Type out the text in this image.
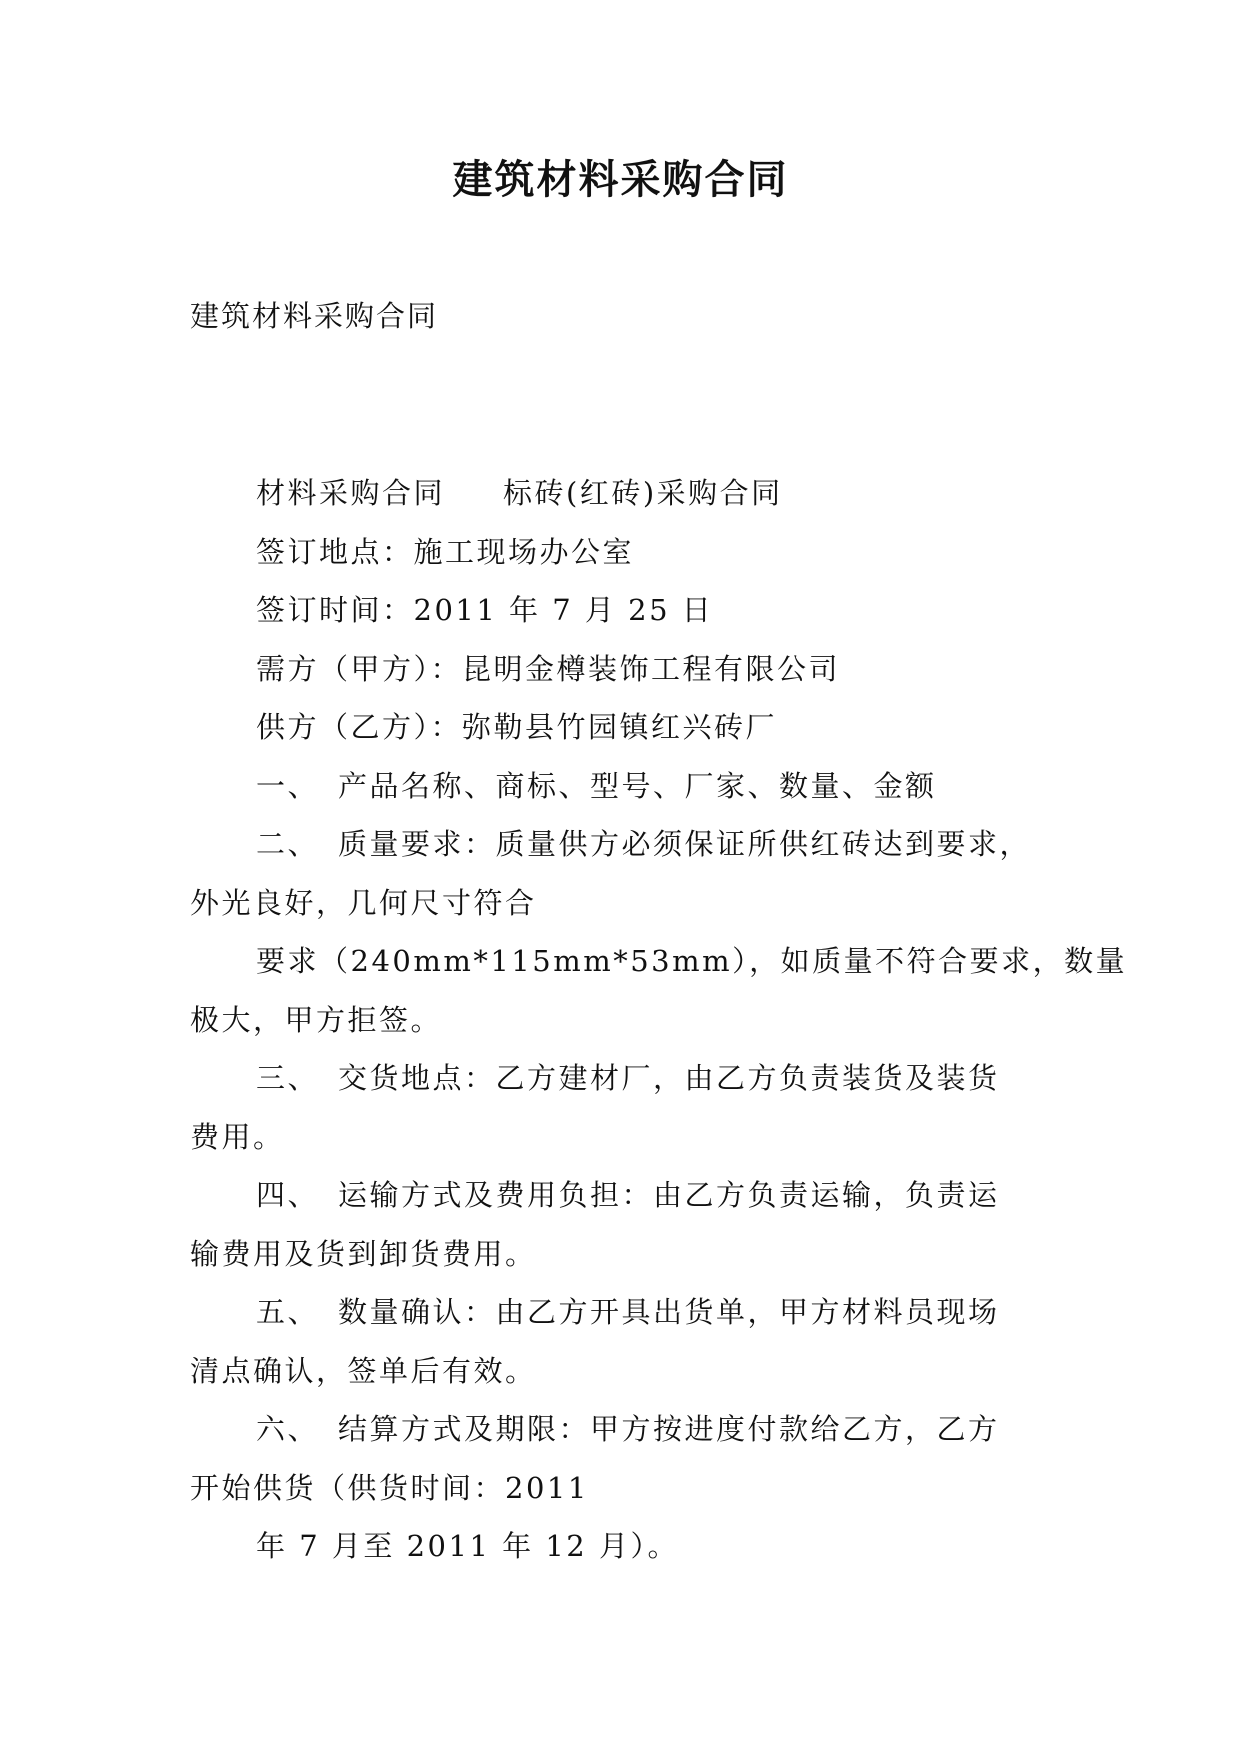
建筑材料采购合同

建筑材料采购合同

材料采购合同 标砖(红砖)采购合同

签订地点：施工现场办公室

签订时间：2011 年 7 月 25 日

需方（甲方）：昆明金樽装饰工程有限公司

供方（乙方）：弥勒县竹园镇红兴砖厂

一、 产品名称、商标、型号、厂家、数量、金额

二、 质量要求：质量供方必须保证所供红砖达到要求，

外光良好，几何尺寸符合

要求（240mm*115mm*53mm），如质量不符合要求，数量

极大，甲方拒签。

三、 交货地点：乙方建材厂，由乙方负责装货及装货

费用。

四、 运输方式及费用负担：由乙方负责运输，负责运

输费用及货到卸货费用。

五、 数量确认：由乙方开具出货单，甲方材料员现场

清点确认，签单后有效。

六、 结算方式及期限：甲方按进度付款给乙方，乙方

开始供货（供货时间：2011

年 7 月至 2011 年 12 月）。
